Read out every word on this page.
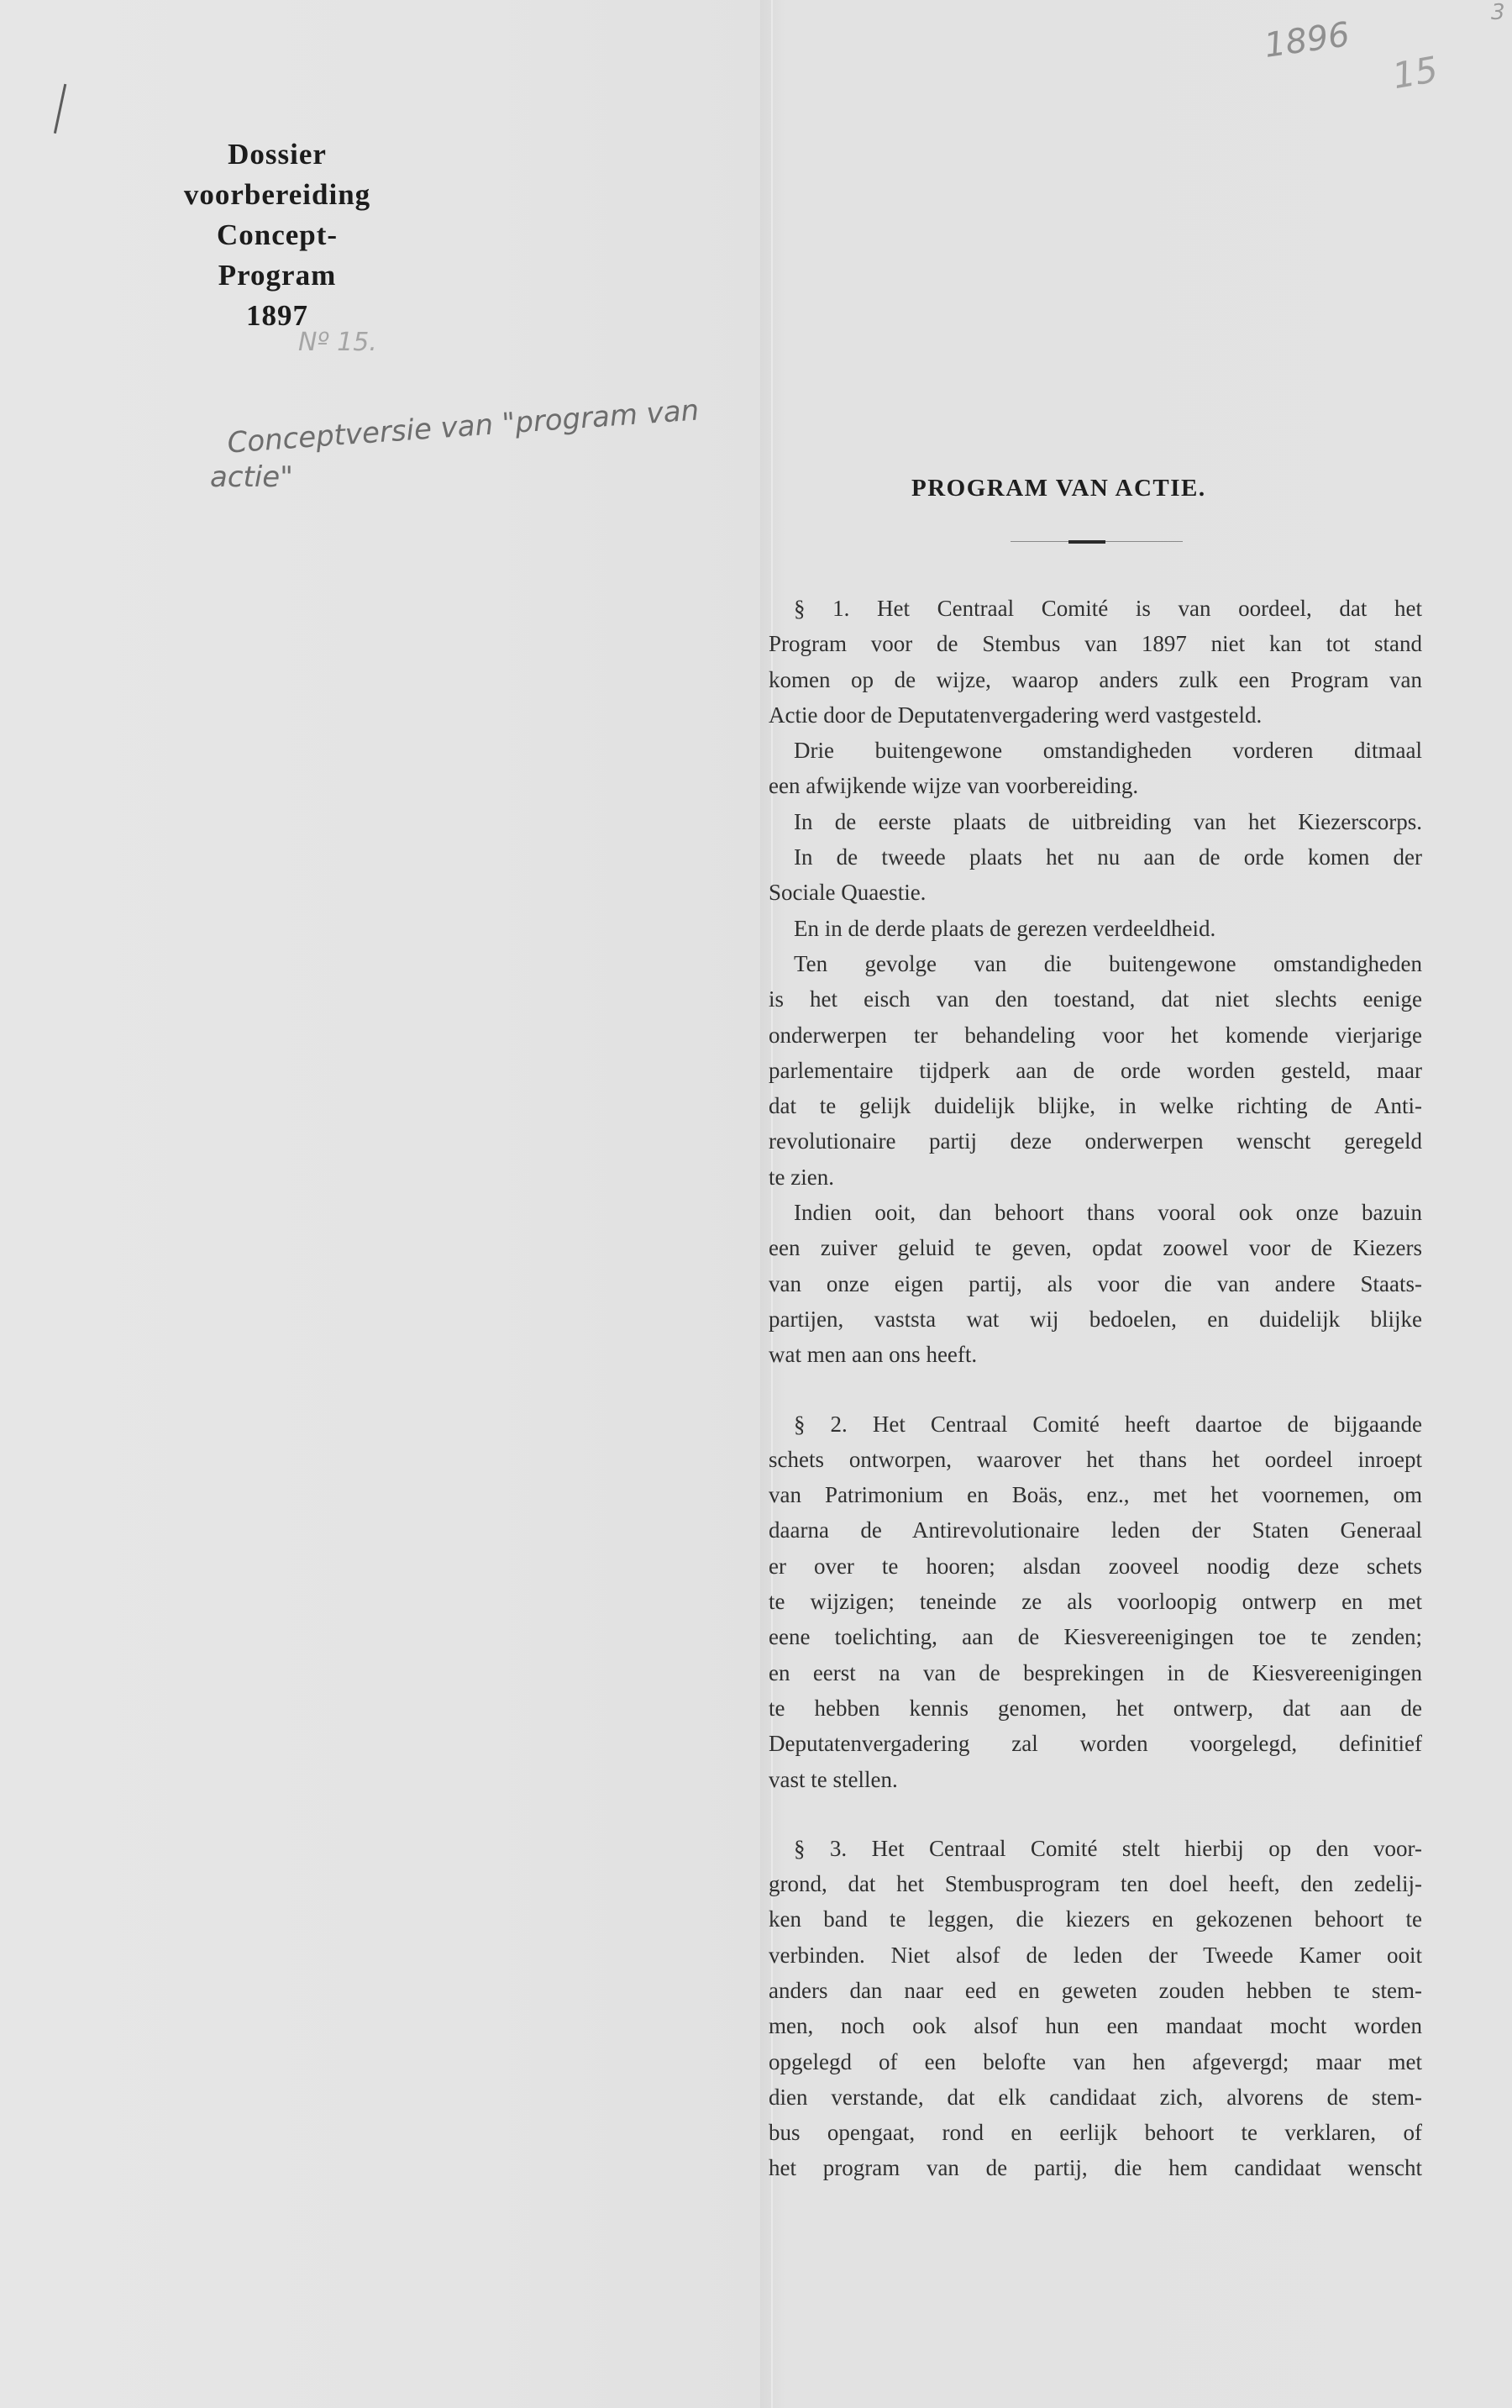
Dossier
voorbereiding
Concept-Program
1897
Nº 15.
Conceptversie van "program van
actie"
1896
15
3
PROGRAM VAN ACTIE.
§ 1. Het Centraal Comité is van oordeel, dat het
Program voor de Stembus van 1897 niet kan tot stand
komen op de wijze, waarop anders zulk een Program van
Actie door de Deputatenvergadering werd vastgesteld.
Drie buitengewone omstandigheden vorderen ditmaal
een afwijkende wijze van voorbereiding.
In de eerste plaats de uitbreiding van het Kiezerscorps.
In de tweede plaats het nu aan de orde komen der
Sociale Quaestie.
En in de derde plaats de gerezen verdeeldheid.
Ten gevolge van die buitengewone omstandigheden
is het eisch van den toestand, dat niet slechts eenige
onderwerpen ter behandeling voor het komende vierjarige
parlementaire tijdperk aan de orde worden gesteld, maar
dat te gelijk duidelijk blijke, in welke richting de Anti-
revolutionaire partij deze onderwerpen wenscht geregeld
te zien.
Indien ooit, dan behoort thans vooral ook onze bazuin
een zuiver geluid te geven, opdat zoowel voor de Kiezers
van onze eigen partij, als voor die van andere Staats-
partijen, vaststa wat wij bedoelen, en duidelijk blijke
wat men aan ons heeft.
§ 2. Het Centraal Comité heeft daartoe de bijgaande
schets ontworpen, waarover het thans het oordeel inroept
van Patrimonium en Boäs, enz., met het voornemen, om
daarna de Antirevolutionaire leden der Staten Generaal
er over te hooren; alsdan zooveel noodig deze schets
te wijzigen; teneinde ze als voorloopig ontwerp en met
eene toelichting, aan de Kiesvereenigingen toe te zenden;
en eerst na van de besprekingen in de Kiesvereenigingen
te hebben kennis genomen, het ontwerp, dat aan de
Deputatenvergadering zal worden voorgelegd, definitief
vast te stellen.
§ 3. Het Centraal Comité stelt hierbij op den voor-
grond, dat het Stembusprogram ten doel heeft, den zedelij-
ken band te leggen, die kiezers en gekozenen behoort te
verbinden. Niet alsof de leden der Tweede Kamer ooit
anders dan naar eed en geweten zouden hebben te stem-
men, noch ook alsof hun een mandaat mocht worden
opgelegd of een belofte van hen afgevergd; maar met
dien verstande, dat elk candidaat zich, alvorens de stem-
bus opengaat, rond en eerlijk behoort te verklaren, of
het program van de partij, die hem candidaat wenscht
